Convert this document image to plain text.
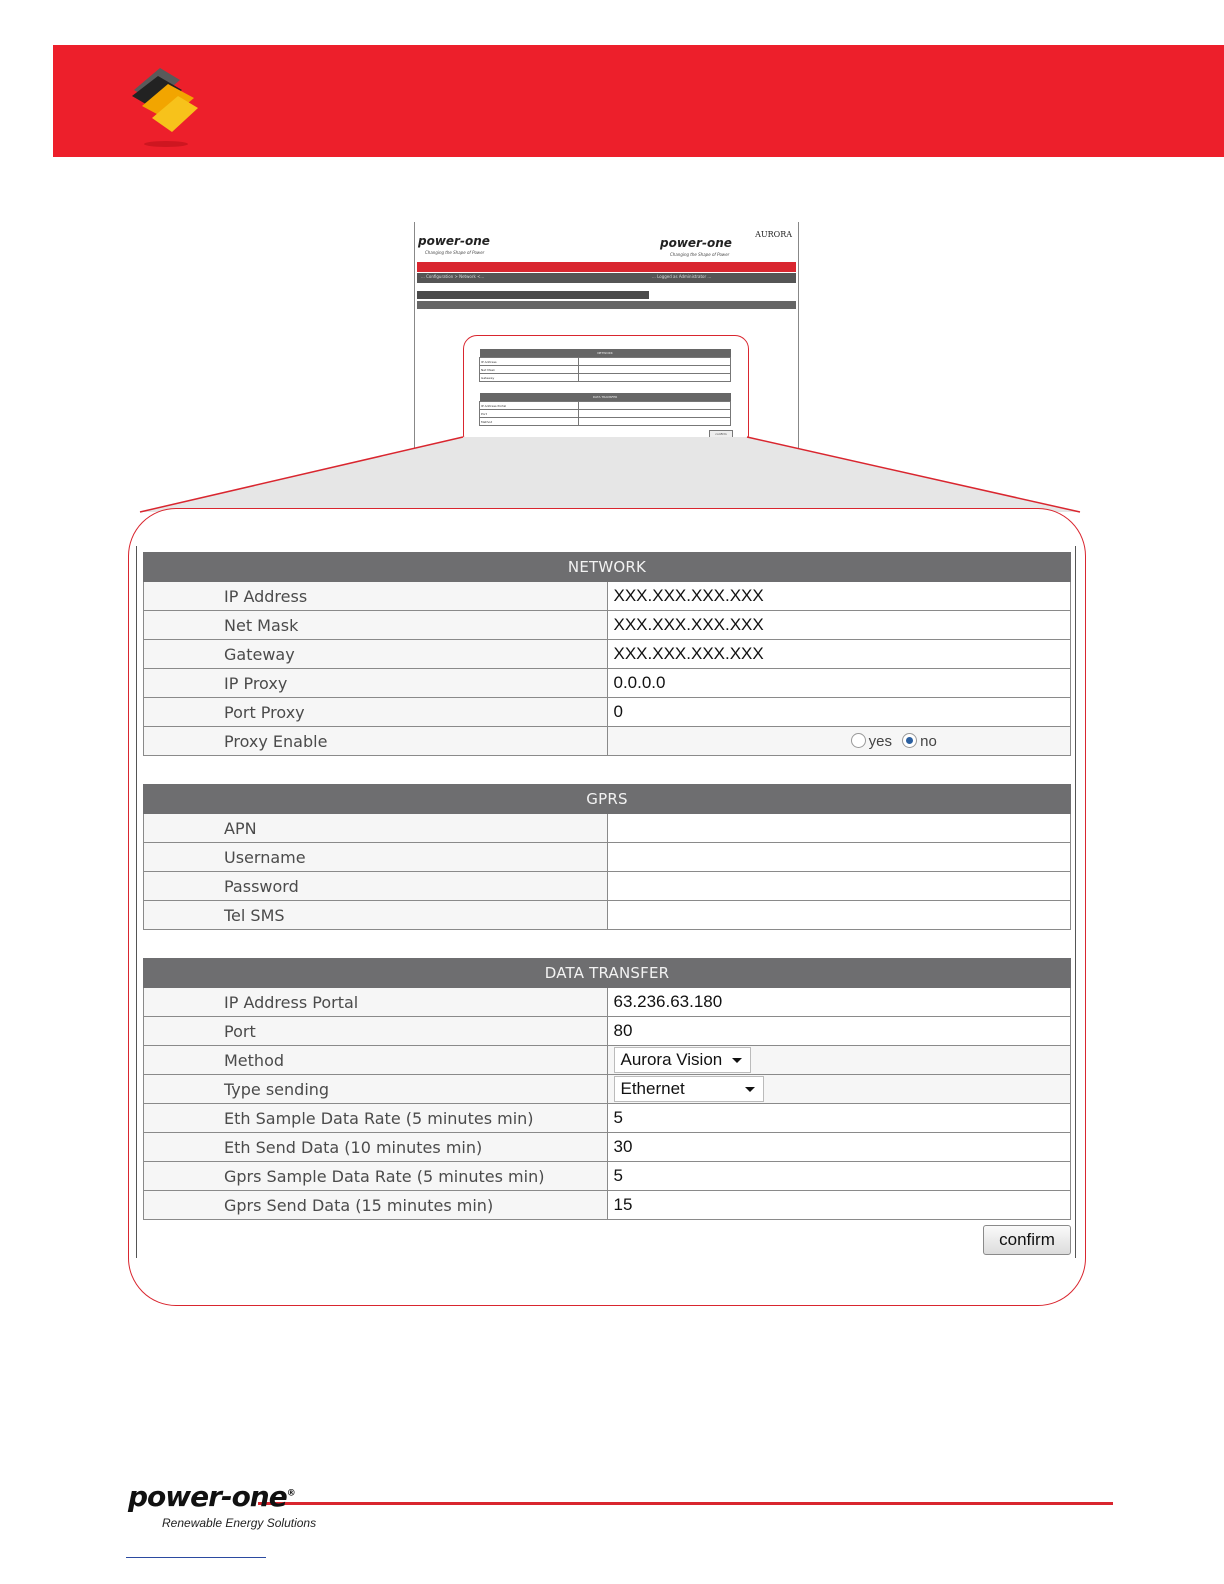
power-one
Changing the Shape of Power
power-one
Changing the Shape of Power
AURORA
... Configuration > Network <...	... Logged as Administrator ...
NETWORK	
IP Address	
Net Mask	
Gateway	
DATA TRANSFER	
IP Address Portal	
Port	
Method	
confirm
NETWORK	
IP Address	XXX.XXX.XXX.XXX
Net Mask	XXX.XXX.XXX.XXX
Gateway	XXX.XXX.XXX.XXX
IP Proxy	0.0.0.0
Port Proxy	0
Proxy Enable	yes no
GPRS	
APN	
Username	
Password	
Tel SMS	
DATA TRANSFER	
IP Address Portal	63.236.63.180
Port	80
Method	Aurora Vision
Type sending	Ethernet
Eth Sample Data Rate (5 minutes min)	5
Eth Send Data (10 minutes min)	30
Gprs Sample Data Rate (5 minutes min)	5
Gprs Send Data (15 minutes min)	15
confirm
power-one®
Renewable Energy Solutions
